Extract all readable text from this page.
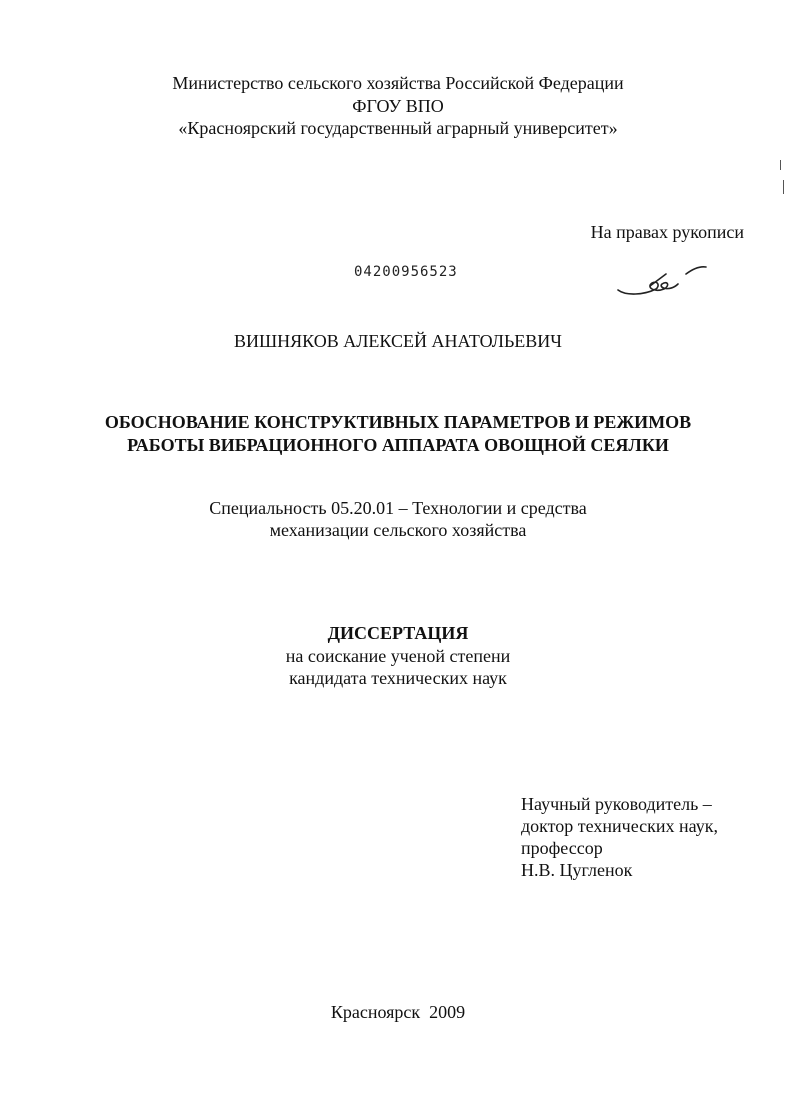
Министерство сельского хозяйства Российской Федерации
ФГОУ ВПО
«Красноярский государственный аграрный университет»
На правах рукописи
04200956523
ВИШНЯКОВ АЛЕКСЕЙ АНАТОЛЬЕВИЧ
ОБОСНОВАНИЕ КОНСТРУКТИВНЫХ ПАРАМЕТРОВ И РЕЖИМОВ
РАБОТЫ ВИБРАЦИОННОГО АППАРАТА ОВОЩНОЙ СЕЯЛКИ
Специальность 05.20.01 – Технологии и средства
механизации сельского хозяйства
ДИССЕРТАЦИЯ
на соискание ученой степени
кандидата технических наук
Научный руководитель –
доктор технических наук,
профессор
Н.В. Цугленок
Красноярск  2009
